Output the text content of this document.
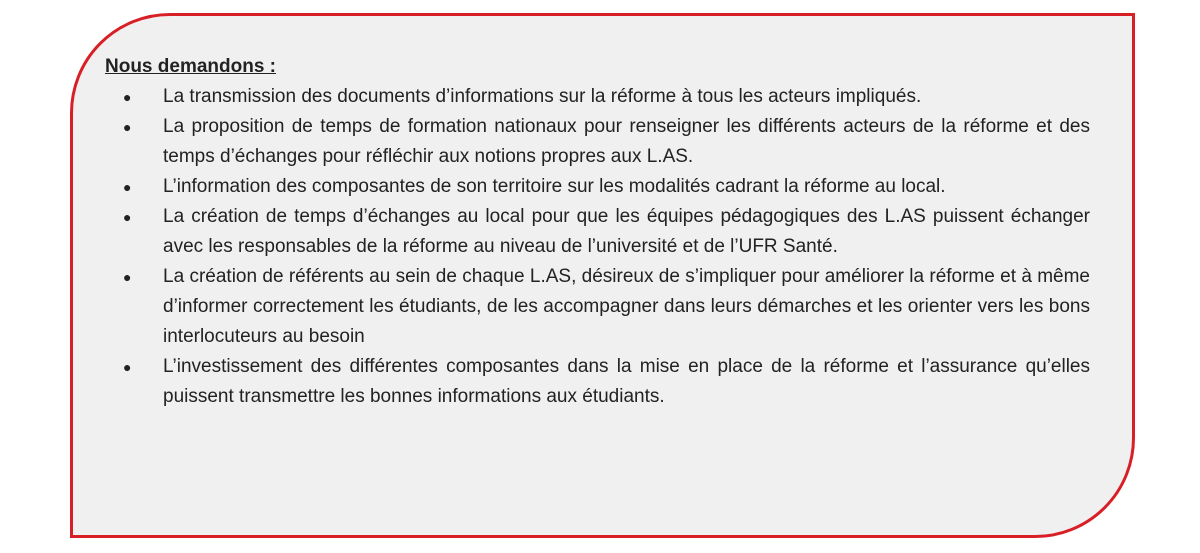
Nous demandons :
● La transmission des documents d’informations sur la réforme à tous les acteurs impliqués.
● La proposition de temps de formation nationaux pour renseigner les différents acteurs de la réforme et des temps d’échanges pour réfléchir aux notions propres aux L.AS.
● L’information des composantes de son territoire sur les modalités cadrant la réforme au local.
● La création de temps d’échanges au local pour que les équipes pédagogiques des L.AS puissent échanger avec les responsables de la réforme au niveau de l’université et de l’UFR Santé.
● La création de référents au sein de chaque L.AS, désireux de s’impliquer pour améliorer la réforme et à même d’informer correctement les étudiants, de les accompagner dans leurs démarches et les orienter vers les bons interlocuteurs au besoin
● L’investissement des différentes composantes dans la mise en place de la réforme et l’assurance qu’elles puissent transmettre les bonnes informations aux étudiants.
